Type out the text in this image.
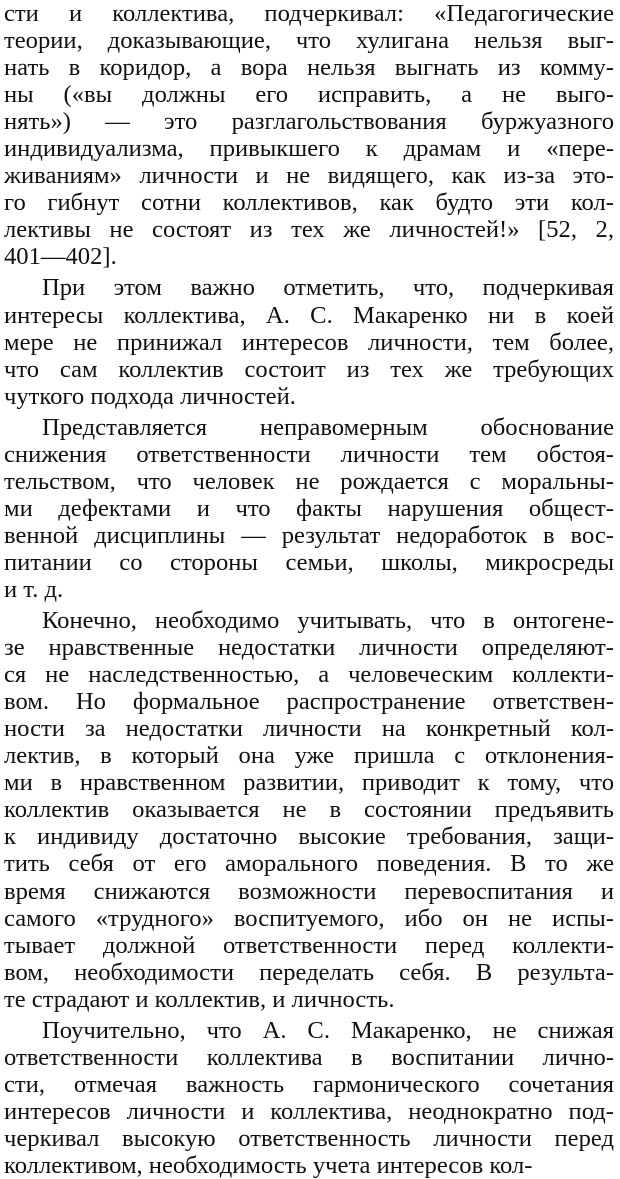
сти и коллектива, подчеркивал: «Педагогические
теории, доказывающие, что хулигана нельзя выг-
нать в коридор, а вора нельзя выгнать из комму-
ны («вы должны его исправить, а не выго-
нять») — это разглагольствования буржуазного
индивидуализма, привыкшего к драмам и «пере-
живаниям» личности и не видящего, как из-за это-
го гибнут сотни коллективов, как будто эти кол-
лективы не состоят из тех же личностей!» [52, 2,
401—402].
При этом важно отметить, что, подчеркивая
интересы коллектива, А. С. Макаренко ни в коей
мере не принижал интересов личности, тем более,
что сам коллектив состоит из тех же требующих
чуткого подхода личностей.
Представляется неправомерным обоснование
снижения ответственности личности тем обстоя-
тельством, что человек не рождается с моральны-
ми дефектами и что факты нарушения общест-
венной дисциплины — результат недоработок в вос-
питании со стороны семьи, школы, микросреды
и т. д.
Конечно, необходимо учитывать, что в онтогене-
зе нравственные недостатки личности определяют-
ся не наследственностью, а человеческим коллекти-
вом. Но формальное распространение ответствен-
ности за недостатки личности на конкретный кол-
лектив, в который она уже пришла с отклонения-
ми в нравственном развитии, приводит к тому, что
коллектив оказывается не в состоянии предъявить
к индивиду достаточно высокие требования, защи-
тить себя от его аморального поведения. В то же
время снижаются возможности перевоспитания и
самого «трудного» воспитуемого, ибо он не испы-
тывает должной ответственности перед коллекти-
вом, необходимости переделать себя. В результа-
те страдают и коллектив, и личность.
Поучительно, что А. С. Макаренко, не снижая
ответственности коллектива в воспитании лично-
сти, отмечая важность гармонического сочетания
интересов личности и коллектива, неоднократно под-
черкивал высокую ответственность личности перед
коллективом, необходимость учета интересов кол-
